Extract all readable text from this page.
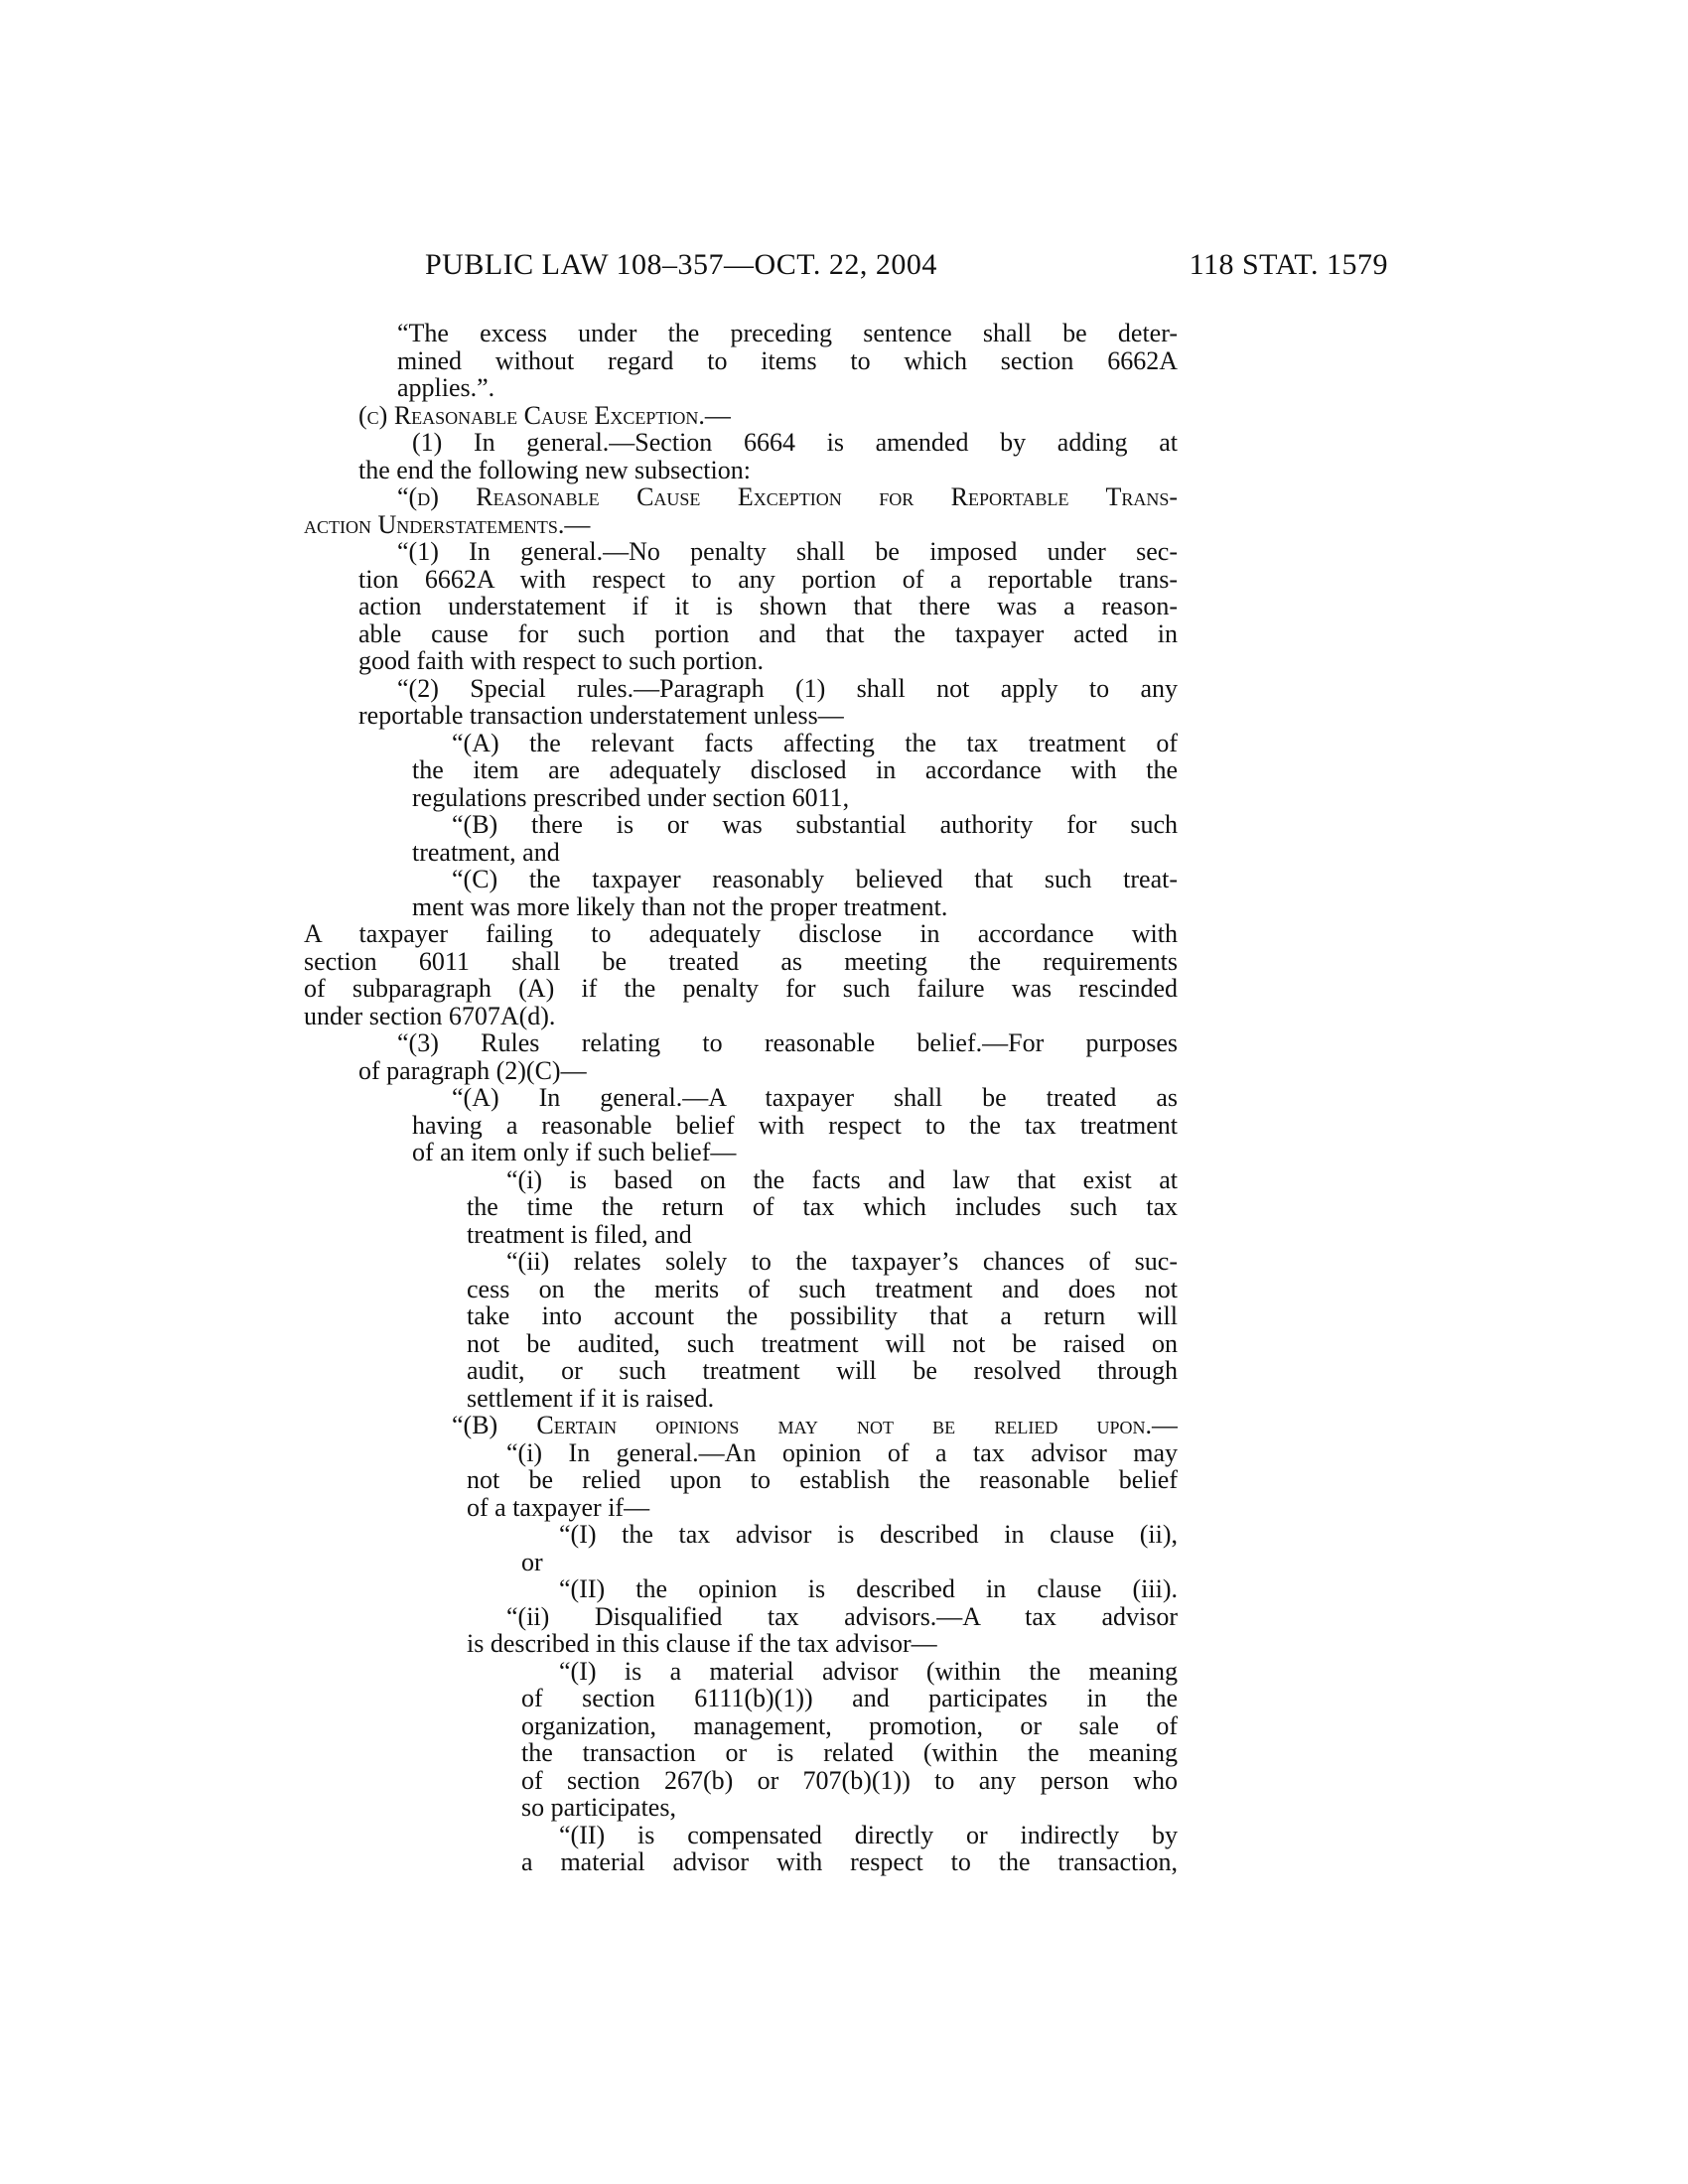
PUBLIC LAW 108–357—OCT. 22, 2004	118 STAT. 1579
“The excess under the preceding sentence shall be deter-
mined without regard to items to which section 6662A
applies.”.
(c) Reasonable Cause Exception.—
(1) In general.—Section 6664 is amended by adding at
the end the following new subsection:
“(d) Reasonable Cause Exception for Reportable Trans-
action Understatements.—
“(1) In general.—No penalty shall be imposed under sec-
tion 6662A with respect to any portion of a reportable trans-
action understatement if it is shown that there was a reason-
able cause for such portion and that the taxpayer acted in
good faith with respect to such portion.
“(2) Special rules.—Paragraph (1) shall not apply to any
reportable transaction understatement unless—
“(A) the relevant facts affecting the tax treatment of
the item are adequately disclosed in accordance with the
regulations prescribed under section 6011,
“(B) there is or was substantial authority for such
treatment, and
“(C) the taxpayer reasonably believed that such treat-
ment was more likely than not the proper treatment.
A taxpayer failing to adequately disclose in accordance with
section 6011 shall be treated as meeting the requirements
of subparagraph (A) if the penalty for such failure was rescinded
under section 6707A(d).
“(3) Rules relating to reasonable belief.—For purposes
of paragraph (2)(C)—
“(A) In general.—A taxpayer shall be treated as
having a reasonable belief with respect to the tax treatment
of an item only if such belief—
“(i) is based on the facts and law that exist at
the time the return of tax which includes such tax
treatment is filed, and
“(ii) relates solely to the taxpayer’s chances of suc-
cess on the merits of such treatment and does not
take into account the possibility that a return will
not be audited, such treatment will not be raised on
audit, or such treatment will be resolved through
settlement if it is raised.
“(B) Certain opinions may not be relied upon.—
“(i) In general.—An opinion of a tax advisor may
not be relied upon to establish the reasonable belief
of a taxpayer if—
“(I) the tax advisor is described in clause (ii),
or
“(II) the opinion is described in clause (iii).
“(ii) Disqualified tax advisors.—A tax advisor
is described in this clause if the tax advisor—
“(I) is a material advisor (within the meaning
of section 6111(b)(1)) and participates in the
organization, management, promotion, or sale of
the transaction or is related (within the meaning
of section 267(b) or 707(b)(1)) to any person who
so participates,
“(II) is compensated directly or indirectly by
a material advisor with respect to the transaction,
